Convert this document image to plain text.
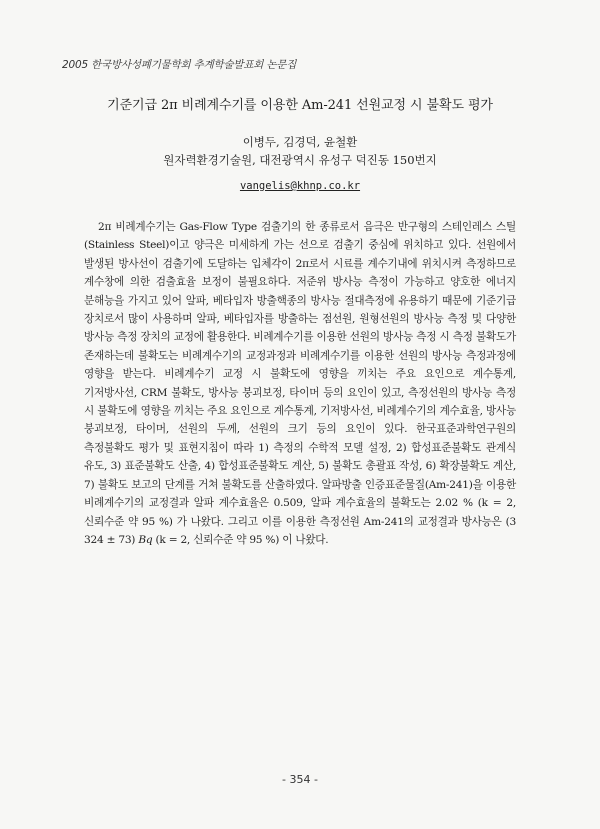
2005 한국방사성폐기물학회 추계학술발표회 논문집
기준기급 2π 비례계수기를 이용한 Am-241 선원교정 시 불확도 평가
이병두, 김경덕, 윤철환
원자력환경기술원, 대전광역시 유성구 덕진동 150번지
vangelis@khnp.co.kr

2π 비례계수기는 Gas-Flow Type 검출기의 한 종류로서 음극은 반구형의 스테인레스 스틸(Stainless Steel)이고 양극은 미세하게 가는 선으로 검출기 중심에 위치하고 있다. 선원에서 발생된 방사선이 검출기에 도달하는 입체각이 2π로서 시료를 계수기내에 위치시켜 측정하므로 계수창에 의한 검출효율 보정이 불필요하다. 저준위 방사능 측정이 가능하고 양호한 에너지 분해능을 가지고 있어 알파, 베타입자 방출핵종의 방사능 절대측정에 유용하기 때문에 기준기급 장치로서 많이 사용하며 알파, 베타입자를 방출하는 점선원, 원형선원의 방사능 측정 및 다양한 방사능 측정 장치의 교정에 활용한다. 비례계수기를 이용한 선원의 방사능 측정 시 측정 불확도가 존재하는데 불확도는 비례계수기의 교정과정과 비례계수기를 이용한 선원의 방사능 측정과정에 영향을 받는다. 비례계수기 교정 시 불확도에 영향을 끼치는 주요 요인으로 계수통계, 기저방사선, CRM 불확도, 방사능 붕괴보정, 타이머 등의 요인이 있고, 측정선원의 방사능 측정 시 불확도에 영향을 끼치는 주요 요인으로 계수통계, 기저방사선, 비례계수기의 계수효율, 방사능 붕괴보정, 타이머, 선원의 두께, 선원의 크기 등의 요인이 있다. 한국표준과학연구원의 측정불확도 평가 및 표현지침이 따라 1) 측정의 수학적 모델 설정, 2) 합성표준불확도 관계식 유도, 3) 표준불확도 산출, 4) 합성표준불확도 계산, 5) 불확도 총괄표 작성, 6) 확장불확도 계산, 7) 불확도 보고의 단계를 거쳐 불확도를 산출하였다. 알파방출 인증표준물질(Am-241)을 이용한 비례계수기의 교정결과 알파 계수효율은 0.509, 알파 계수효율의 불확도는 2.02 % (k = 2, 신뢰수준 약 95 %) 가 나왔다. 그리고 이를 이용한 측정선원 Am-241의 교정결과 방사능은 (3 324 ± 73) Bq (k = 2, 신뢰수준 약 95 %) 이 나왔다.

- 354 -
